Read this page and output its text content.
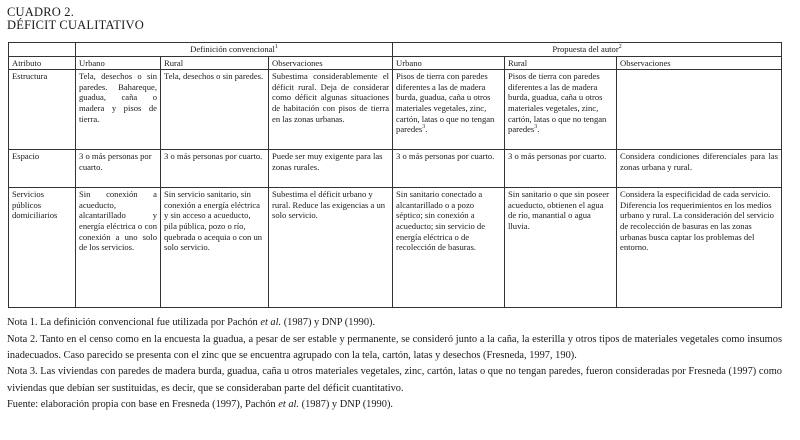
CUADRO 2.
DÉFICIT CUALITATIVO
	Definición convencional$^1$			Propuesta del autor$^2$
Atributo	Urbano	Rural	Observaciones	Urbano	Rural	Observaciones
Estructura	Tela, desechos o sin paredes. Bahareque, guadua, caña o madera y pisos de tierra.	Tela, desechos o sin paredes.	Subestima considerablemente el déficit rural. Deja de considerar como déficit algunas situaciones de habitación con pisos de tierra en las zonas urbanas.	Pisos de tierra con paredes diferentes a las de madera burda, guadua, caña u otros materiales vegetales, zinc, cartón, latas o que no tengan paredes$^3$.	Pisos de tierra con paredes diferentes a las de madera burda, guadua, caña u otros materiales vegetales, zinc, cartón, latas o que no tengan paredes$^3$.	
Espacio	3 o más personas por cuarto.	3 o más personas por cuarto.	Puede ser muy exigente para las zonas rurales.	3 o más personas por cuarto.	3 o más personas por cuarto.	Considera condiciones diferenciales para las zonas urbana y rural.
Servicios públicos domiciliarios	Sin conexión a acueducto, alcantarillado y energía eléctrica o con conexión a uno solo de los servicios.	Sin servicio sanitario, sin conexión a energía eléctrica y sin acceso a acueducto, pila pública, pozo o río, quebrada o acequia o con un solo servicio.	Subestima el déficit urbano y rural. Reduce las exigencias a un solo servicio.	Sin sanitario conectado a alcantarillado o a pozo séptico; sin conexión a acueducto; sin servicio de energía eléctrica o de recolección de basuras.	Sin sanitario o que sin poseer acueducto, obtienen el agua de río, manantial o agua lluvia.	Considera la especificidad de cada servicio. Diferencia los requerimientos en los medios urbano y rural. La consideración del servicio de recolección de basuras en las zonas urbanas busca captar los problemas del entorno.

Nota 1. La definición convencional fue utilizada por Pachón et al. (1987) y DNP (1990).

Nota 2. Tanto en el censo como en la encuesta la guadua, a pesar de ser estable y permanente, se consideró junto a la caña, la esterilla y otros tipos de materiales vegetales como insumos inadecuados. Caso parecido se presenta con el zinc que se encuentra agrupado con la tela, cartón, latas y desechos (Fresneda, 1997, 190).

Nota 3. Las viviendas con paredes de madera burda, guadua, caña u otros materiales vegetales, zinc, cartón, latas o que no tengan paredes, fueron consideradas por Fresneda (1997) como viviendas que debían ser sustituidas, es decir, que se consideraban parte del déficit cuantitativo.

Fuente: elaboración propia con base en Fresneda (1997), Pachón et al. (1987) y DNP (1990).
